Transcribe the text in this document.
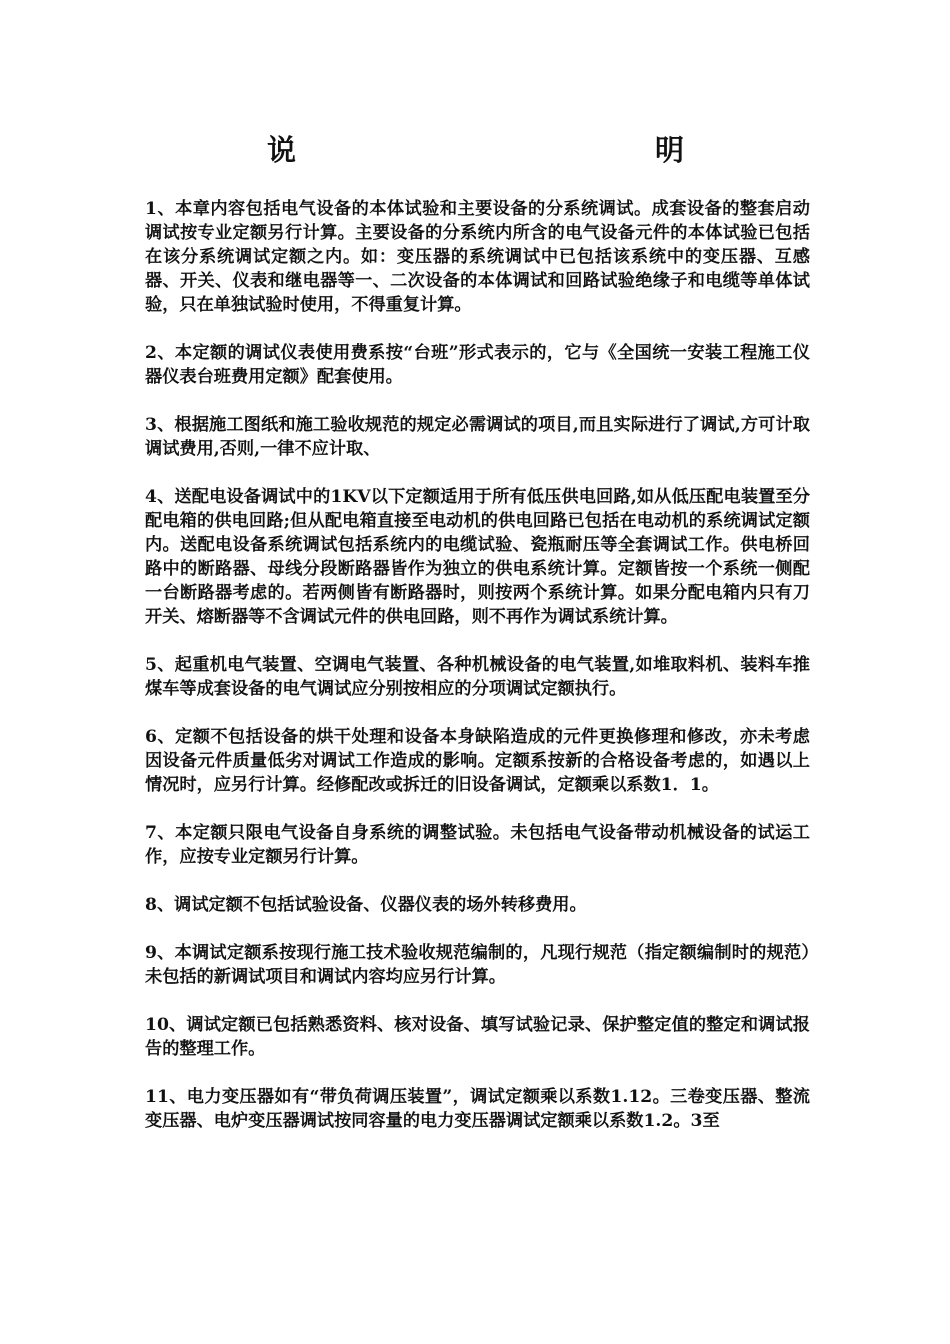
说	明

1、本章内容包括电气设备的本体试验和主要设备的分系统调试。成套设备的整套启动调试按专业定额另行计算。主要设备的分系统内所含的电气设备元件的本体试验已包括在该分系统调试定额之内。如：变压器的系统调试中已包括该系统中的变压器、互感器、开关、仪表和继电器等一、二次设备的本体调试和回路试验绝缘子和电缆等单体试验，只在单独试验时使用，不得重复计算。

2、本定额的调试仪表使用费系按“台班”形式表示的，它与《全国统一安装工程施工仪器仪表台班费用定额》配套使用。

3、根据施工图纸和施工验收规范的规定必需调试的项目,而且实际进行了调试,方可计取调试费用,否则,一律不应计取、

4、送配电设备调试中的1KV以下定额适用于所有低压供电回路,如从低压配电装置至分配电箱的供电回路;但从配电箱直接至电动机的供电回路已包括在电动机的系统调试定额内。送配电设备系统调试包括系统内的电缆试验、瓷瓶耐压等全套调试工作。供电桥回路中的断路器、母线分段断路器皆作为独立的供电系统计算。定额皆按一个系统一侧配一台断路器考虑的。若两侧皆有断路器时，则按两个系统计算。如果分配电箱内只有刀开关、熔断器等不含调试元件的供电回路，则不再作为调试系统计算。

5、起重机电气装置、空调电气装置、各种机械设备的电气装置,如堆取料机、装料车推煤车等成套设备的电气调试应分别按相应的分项调试定额执行。

6、定额不包括设备的烘干处理和设备本身缺陷造成的元件更换修理和修改，亦未考虑因设备元件质量低劣对调试工作造成的影响。定额系按新的合格设备考虑的，如遇以上情况时，应另行计算。经修配改或拆迁的旧设备调试，定额乘以系数1．1。

7、本定额只限电气设备自身系统的调整试验。未包括电气设备带动机械设备的试运工作，应按专业定额另行计算。

8、调试定额不包括试验设备、仪器仪表的场外转移费用。

9、本调试定额系按现行施工技术验收规范编制的，凡现行规范（指定额编制时的规范）未包括的新调试项目和调试内容均应另行计算。

10、调试定额已包括熟悉资料、核对设备、填写试验记录、保护整定值的整定和调试报告的整理工作。

11、电力变压器如有“带负荷调压装置”，调试定额乘以系数1.12。三卷变压器、整流变压器、电炉变压器调试按同容量的电力变压器调试定额乘以系数1.2。3至
